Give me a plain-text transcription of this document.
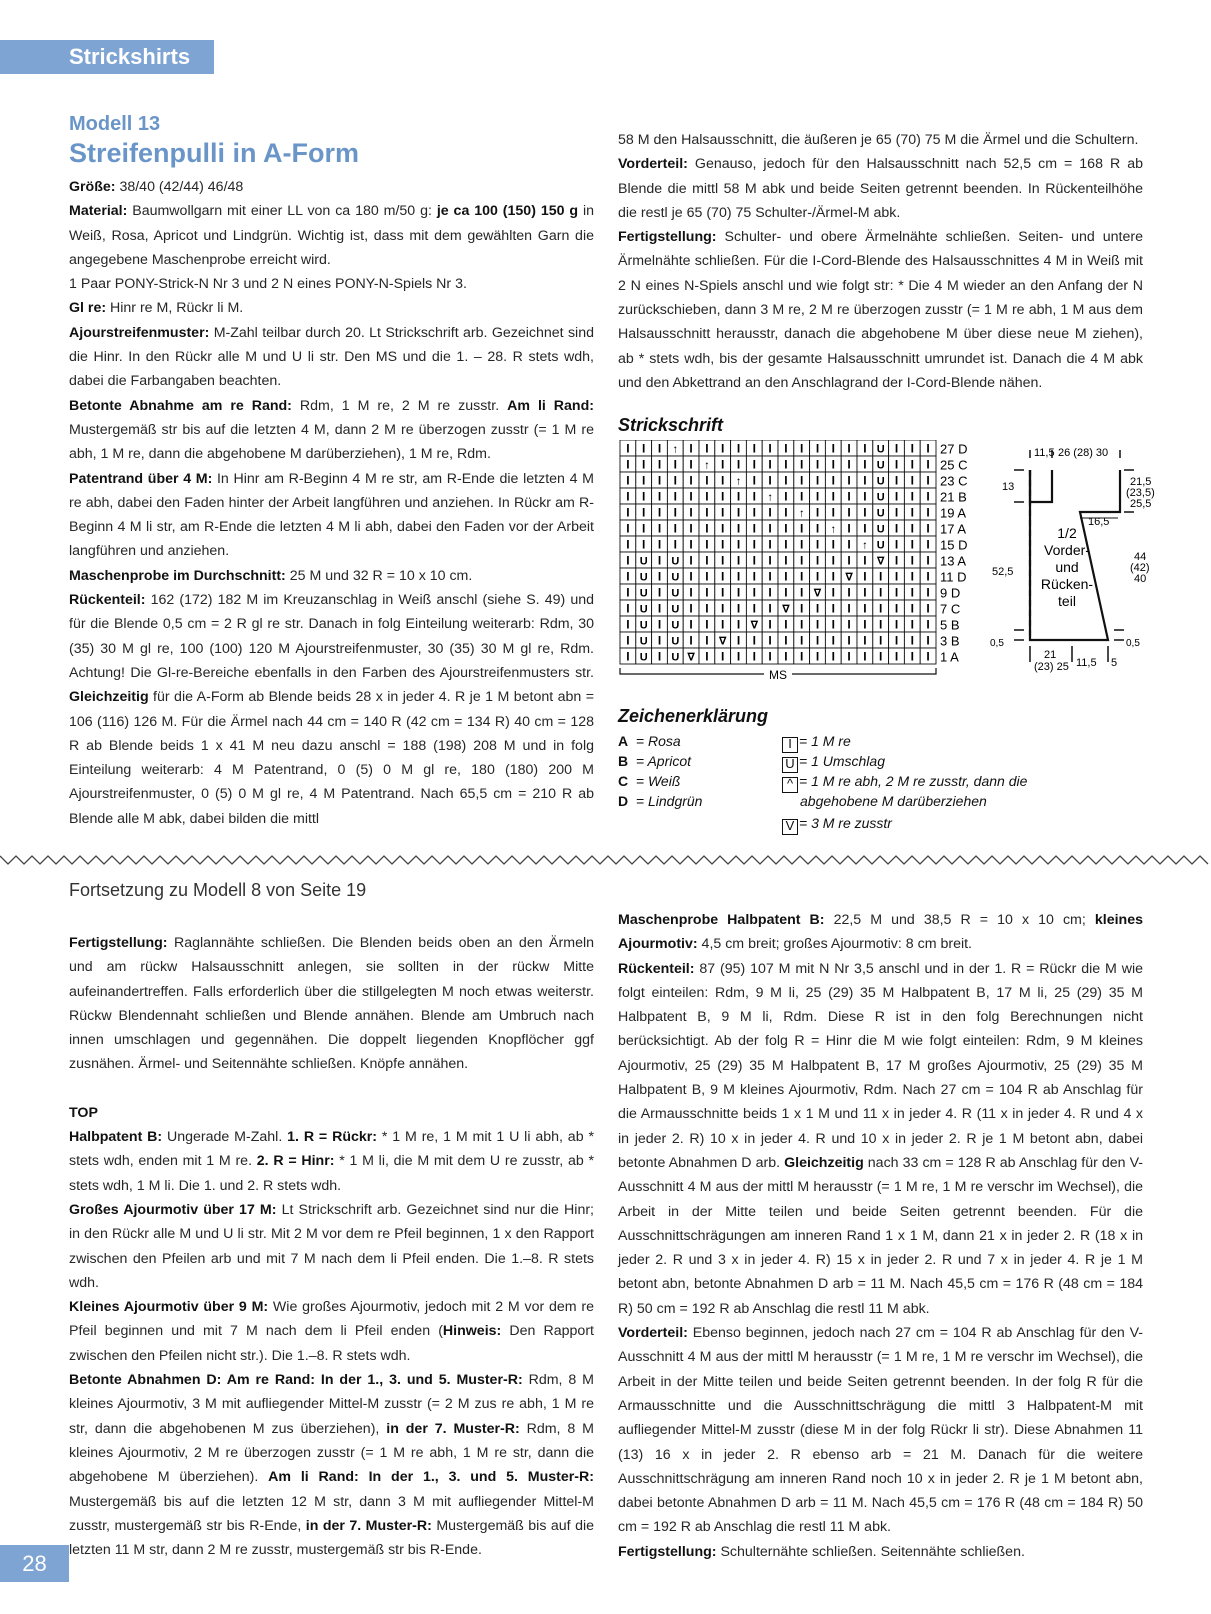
Strickshirts
Modell 13
Streifenpulli in A-Form

Größe: 38/40 (42/44) 46/48

Material: Baumwollgarn mit einer LL von ca 180 m/50 g: je ca 100 (150) 150 g in Weiß, Rosa, Apricot und Lindgrün. Wichtig ist, dass mit dem gewählten Garn die angegebene Maschenprobe erreicht wird.

1 Paar PONY-Strick-N Nr 3 und 2 N eines PONY-N-Spiels Nr 3.

Gl re: Hinr re M, Rückr li M.

Ajourstreifenmuster: M-Zahl teilbar durch 20. Lt Strickschrift arb. Gezeichnet sind die Hinr. In den Rückr alle M und U li str. Den MS und die 1. – 28. R stets wdh, dabei die Farbangaben beachten.

Betonte Abnahme am re Rand: Rdm, 1 M re, 2 M re zusstr. Am li Rand: Mustergemäß str bis auf die letzten 4 M, dann 2 M re überzogen zusstr (= 1 M re abh, 1 M re, dann die abgehobene M darüberziehen), 1 M re, Rdm.

Patentrand über 4 M: In Hinr am R-Beginn 4 M re str, am R-Ende die letzten 4 M re abh, dabei den Faden hinter der Arbeit langführen und anziehen. In Rückr am R-Beginn 4 M li str, am R-Ende die letzten 4 M li abh, dabei den Faden vor der Arbeit langführen und anziehen.

Maschenprobe im Durchschnitt: 25 M und 32 R = 10 x 10 cm.

Rückenteil: 162 (172) 182 M im Kreuzanschlag in Weiß anschl (siehe S. 49) und für die Blende 0,5 cm = 2 R gl re str. Danach in folg Einteilung weiterarb: Rdm, 30 (35) 30 M gl re, 100 (100) 120 M Ajourstreifenmuster, 30 (35) 30 M gl re, Rdm. Achtung! Die Gl-re-Bereiche ebenfalls in den Farben des Ajourstreifenmusters str. Gleichzeitig für die A-Form ab Blende beids 28 x in jeder 4. R je 1 M betont abn = 106 (116) 126 M. Für die Ärmel nach 44 cm = 140 R (42 cm = 134 R) 40 cm = 128 R ab Blende beids 1 x 41 M neu dazu anschl = 188 (198) 208 M und in folg Einteilung weiterarb: 4 M Patentrand, 0 (5) 0 M gl re, 180 (180) 200 M Ajourstreifenmuster, 0 (5) 0 M gl re, 4 M Patentrand. Nach 65,5 cm = 210 R ab Blende alle M abk, dabei bilden die mittl

58 M den Halsausschnitt, die äußeren je 65 (70) 75 M die Ärmel und die Schultern.

Vorderteil: Genauso, jedoch für den Halsausschnitt nach 52,5 cm = 168 R ab Blende die mittl 58 M abk und beide Seiten getrennt beenden. In Rückenteilhöhe die restl je 65 (70) 75 Schulter-/Ärmel-M abk.

Fertigstellung: Schulter- und obere Ärmelnähte schließen. Seiten- und untere Ärmelnähte schließen. Für die I-Cord-Blende des Halsausschnittes 4 M in Weiß mit 2 N eines N-Spiels anschl und wie folgt str: * Die 4 M wieder an den Anfang der N zurückschieben, dann 3 M re, 2 M re überzogen zusstr (= 1 M re abh, 1 M aus dem Halsausschnitt herausstr, danach die abgehobene M über diese neue M ziehen), ab * stets wdh, bis der gesamte Halsausschnitt umrundet ist. Danach die 4 M abk und den Abkettrand an den Anschlagrand der I-Cord-Blende nähen.

Strickschrift
I I I ↑ I I I I I I I I I I I I U I I I 27 D
I I I I I ↑ I I I I I I I I I I U I I I 25 C
I I I I I I I ↑ I I I I I I I I U I I I 23 C
I I I I I I I I I ↑ I I I I I I U I I I 21 B
I I I I I I I I I I I ↑ I I I I U I I I 19 A
I I I I I I I I I I I I I ↑ I I U I I I 17 A
I I I I I I I I I I I I I I I ↑ U I I I 15 D
I U I U I I I I I I I I I I I I ∇ I I I 13 A
I U I U I I I I I I I I I I ∇ I I I I I 11 D
I U I U I I I I I I I I ∇ I I I I I I I 9 D
I U I U I I I I I I ∇ I I I I I I I I I 7 C
I U I U I I I I ∇ I I I I I I I I I I I 5 B
I U I U I I ∇ I I I I I I I I I I I I I 3 B
I U I U ∇ I I I I I I I I I I I I I I I 1 A
MS
11,5 26 (28) 30
13
52,5
0,5
21,5
(23,5)
25,5
16,5
44
(42)
40
0,5
1/2
Vorder-
und
Rücken-
teil
21
(23) 25 11,5 5
Zeichenerklärung
A = Rosa
B = Apricot
C = Weiß
D = Lindgrün
I = 1 M re
U = 1 Umschlag
^ = 1 M re abh, 2 M re zusstr, dann die
abgehobene M darüberziehen
V = 3 M re zusstr
Fortsetzung zu Modell 8 von Seite 19

Fertigstellung: Raglannähte schließen. Die Blenden beids oben an den Ärmeln und am rückw Halsausschnitt anlegen, sie sollten in der rückw Mitte aufeinandertreffen. Falls erforderlich über die stillgelegten M noch etwas weiterstr. Rückw Blendennaht schließen und Blende annähen. Blende am Umbruch nach innen umschlagen und gegennähen. Die doppelt liegenden Knopflöcher ggf zusnähen. Ärmel- und Seitennähte schließen. Knöpfe annähen.

TOP

Halbpatent B: Ungerade M-Zahl. 1. R = Rückr: * 1 M re, 1 M mit 1 U li abh, ab * stets wdh, enden mit 1 M re. 2. R = Hinr: * 1 M li, die M mit dem U re zusstr, ab * stets wdh, 1 M li. Die 1. und 2. R stets wdh.

Großes Ajourmotiv über 17 M: Lt Strickschrift arb. Gezeichnet sind nur die Hinr; in den Rückr alle M und U li str. Mit 2 M vor dem re Pfeil beginnen, 1 x den Rapport zwischen den Pfeilen arb und mit 7 M nach dem li Pfeil enden. Die 1.–8. R stets wdh.

Kleines Ajourmotiv über 9 M: Wie großes Ajourmotiv, jedoch mit 2 M vor dem re Pfeil beginnen und mit 7 M nach dem li Pfeil enden (Hinweis: Den Rapport zwischen den Pfeilen nicht str.). Die 1.–8. R stets wdh.

Betonte Abnahmen D: Am re Rand: In der 1., 3. und 5. Muster-R: Rdm, 8 M kleines Ajourmotiv, 3 M mit aufliegender Mittel-M zusstr (= 2 M zus re abh, 1 M re str, dann die abgehobenen M zus überziehen), in der 7. Muster-R: Rdm, 8 M kleines Ajourmotiv, 2 M re überzogen zusstr (= 1 M re abh, 1 M re str, dann die abgehobene M überziehen). Am li Rand: In der 1., 3. und 5. Muster-R: Mustergemäß bis auf die letzten 12 M str, dann 3 M mit aufliegender Mittel-M zusstr, mustergemäß str bis R-Ende, in der 7. Muster-R: Mustergemäß bis auf die letzten 11 M str, dann 2 M re zusstr, mustergemäß str bis R-Ende.

Maschenprobe Halbpatent B: 22,5 M und 38,5 R = 10 x 10 cm; kleines Ajourmotiv: 4,5 cm breit; großes Ajourmotiv: 8 cm breit.

Rückenteil: 87 (95) 107 M mit N Nr 3,5 anschl und in der 1. R = Rückr die M wie folgt einteilen: Rdm, 9 M li, 25 (29) 35 M Halbpatent B, 17 M li, 25 (29) 35 M Halbpatent B, 9 M li, Rdm. Diese R ist in den folg Berechnungen nicht berücksichtigt. Ab der folg R = Hinr die M wie folgt einteilen: Rdm, 9 M kleines Ajourmotiv, 25 (29) 35 M Halbpatent B, 17 M großes Ajourmotiv, 25 (29) 35 M Halbpatent B, 9 M kleines Ajourmotiv, Rdm. Nach 27 cm = 104 R ab Anschlag für die Armausschnitte beids 1 x 1 M und 11 x in jeder 4. R (11 x in jeder 4. R und 4 x in jeder 2. R) 10 x in jeder 4. R und 10 x in jeder 2. R je 1 M betont abn, dabei betonte Abnahmen D arb. Gleichzeitig nach 33 cm = 128 R ab Anschlag für den V-Ausschnitt 4 M aus der mittl M herausstr (= 1 M re, 1 M re verschr im Wechsel), die Arbeit in der Mitte teilen und beide Seiten getrennt beenden. Für die Ausschnittschrägungen am inneren Rand 1 x 1 M, dann 21 x in jeder 2. R (18 x in jeder 2. R und 3 x in jeder 4. R) 15 x in jeder 2. R und 7 x in jeder 4. R je 1 M betont abn, betonte Abnahmen D arb = 11 M. Nach 45,5 cm = 176 R (48 cm = 184 R) 50 cm = 192 R ab Anschlag die restl 11 M abk.

Vorderteil: Ebenso beginnen, jedoch nach 27 cm = 104 R ab Anschlag für den V-Ausschnitt 4 M aus der mittl M herausstr (= 1 M re, 1 M re verschr im Wechsel), die Arbeit in der Mitte teilen und beide Seiten getrennt beenden. In der folg R für die Armausschnitte und die Ausschnittschrägung die mittl 3 Halbpatent-M mit aufliegender Mittel-M zusstr (diese M in der folg Rückr li str). Diese Abnahmen 11 (13) 16 x in jeder 2. R ebenso arb = 21 M. Danach für die weitere Ausschnittschrägung am inneren Rand noch 10 x in jeder 2. R je 1 M betont abn, dabei betonte Abnahmen D arb = 11 M. Nach 45,5 cm = 176 R (48 cm = 184 R) 50 cm = 192 R ab Anschlag die restl 11 M abk.

Fertigstellung: Schulternähte schließen. Seitennähte schließen.

28
